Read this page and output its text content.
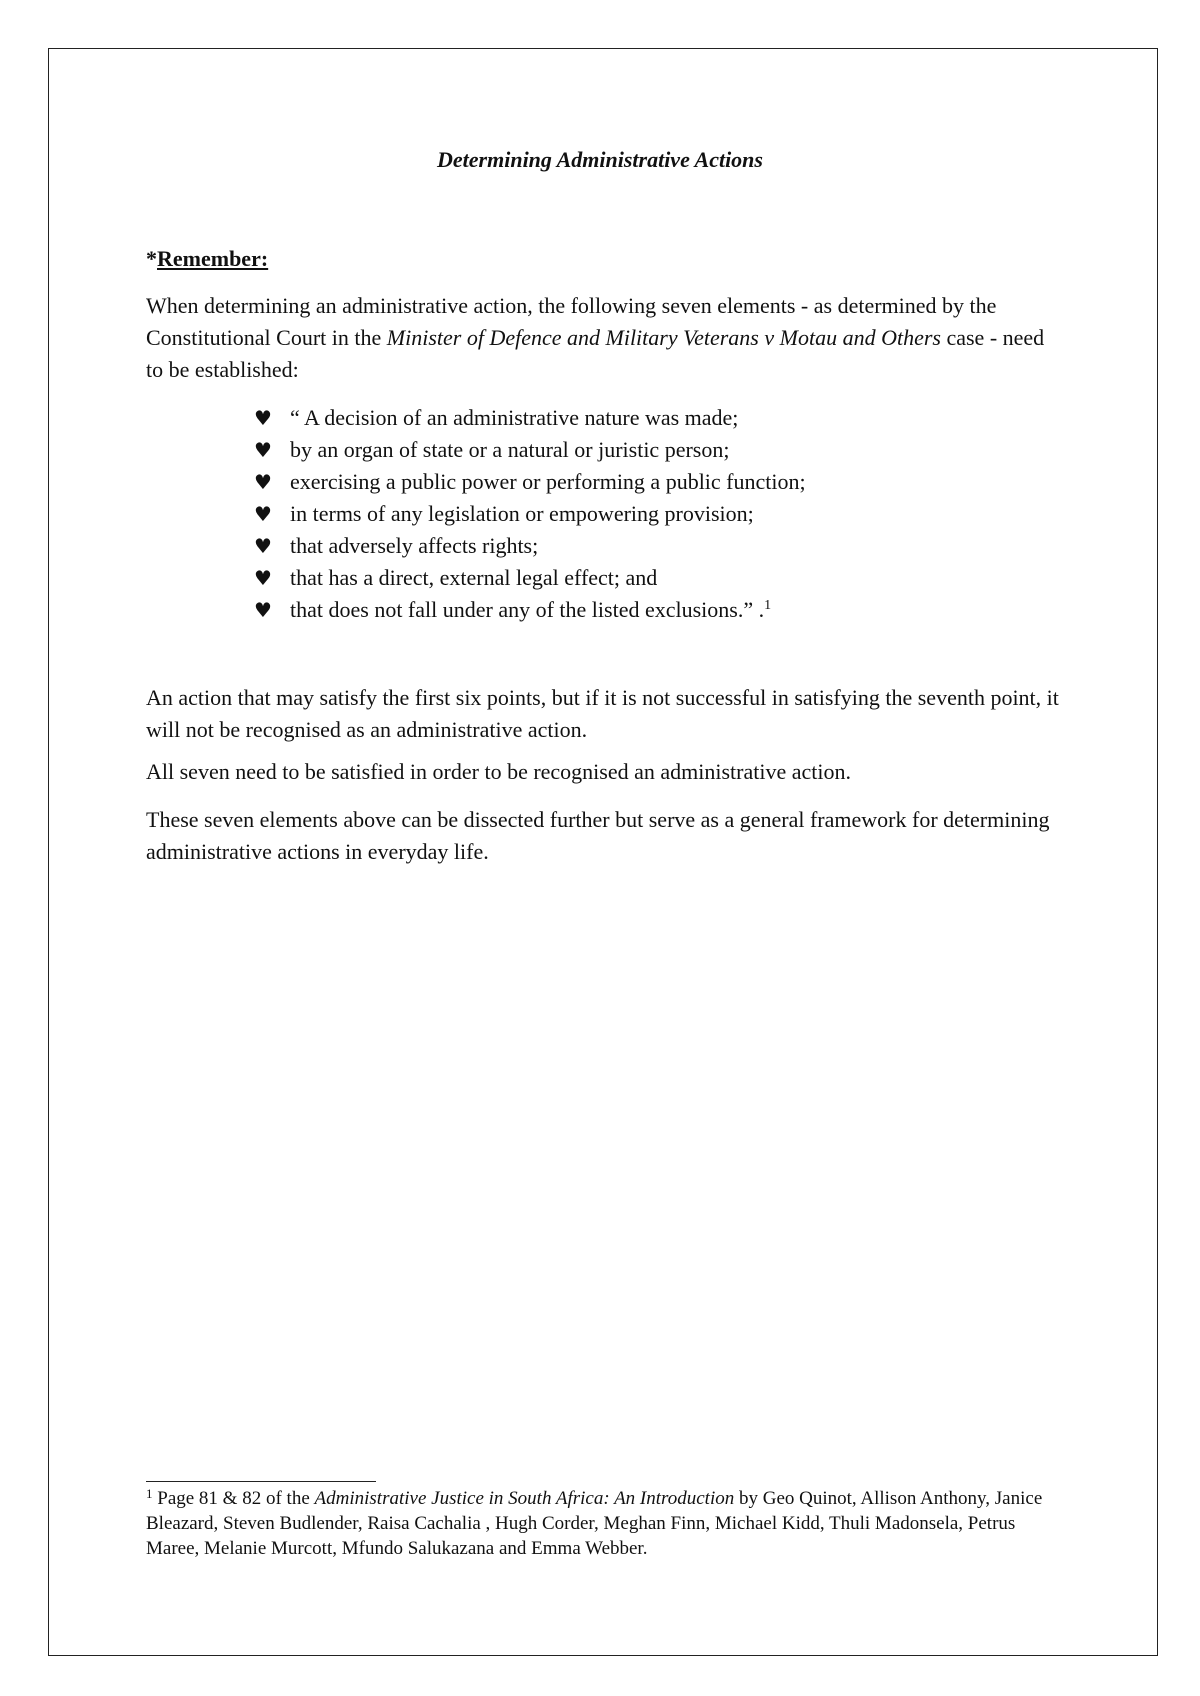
Determining Administrative Actions
*Remember:

When determining an administrative action, the following seven elements - as determined by the Constitutional Court in the Minister of Defence and Military Veterans v Motau and Others case - need to be established:

♥ “ A decision of an administrative nature was made;
♥ by an organ of state or a natural or juristic person;
♥ exercising a public power or performing a public function;
♥ in terms of any legislation or empowering provision;
♥ that adversely affects rights;
♥ that has a direct, external legal effect; and
♥ that does not fall under any of the listed exclusions.” .$^1$

An action that may satisfy the first six points, but if it is not successful in satisfying the seventh point, it will not be recognised as an administrative action.

All seven need to be satisfied in order to be recognised an administrative action.

These seven elements above can be dissected further but serve as a general framework for determining administrative actions in everyday life.

$^1$ Page 81 & 82 of the Administrative Justice in South Africa: An Introduction by Geo Quinot, Allison Anthony, Janice Bleazard, Steven Budlender, Raisa Cachalia , Hugh Corder, Meghan Finn, Michael Kidd, Thuli Madonsela, Petrus Maree, Melanie Murcott, Mfundo Salukazana and Emma Webber.
